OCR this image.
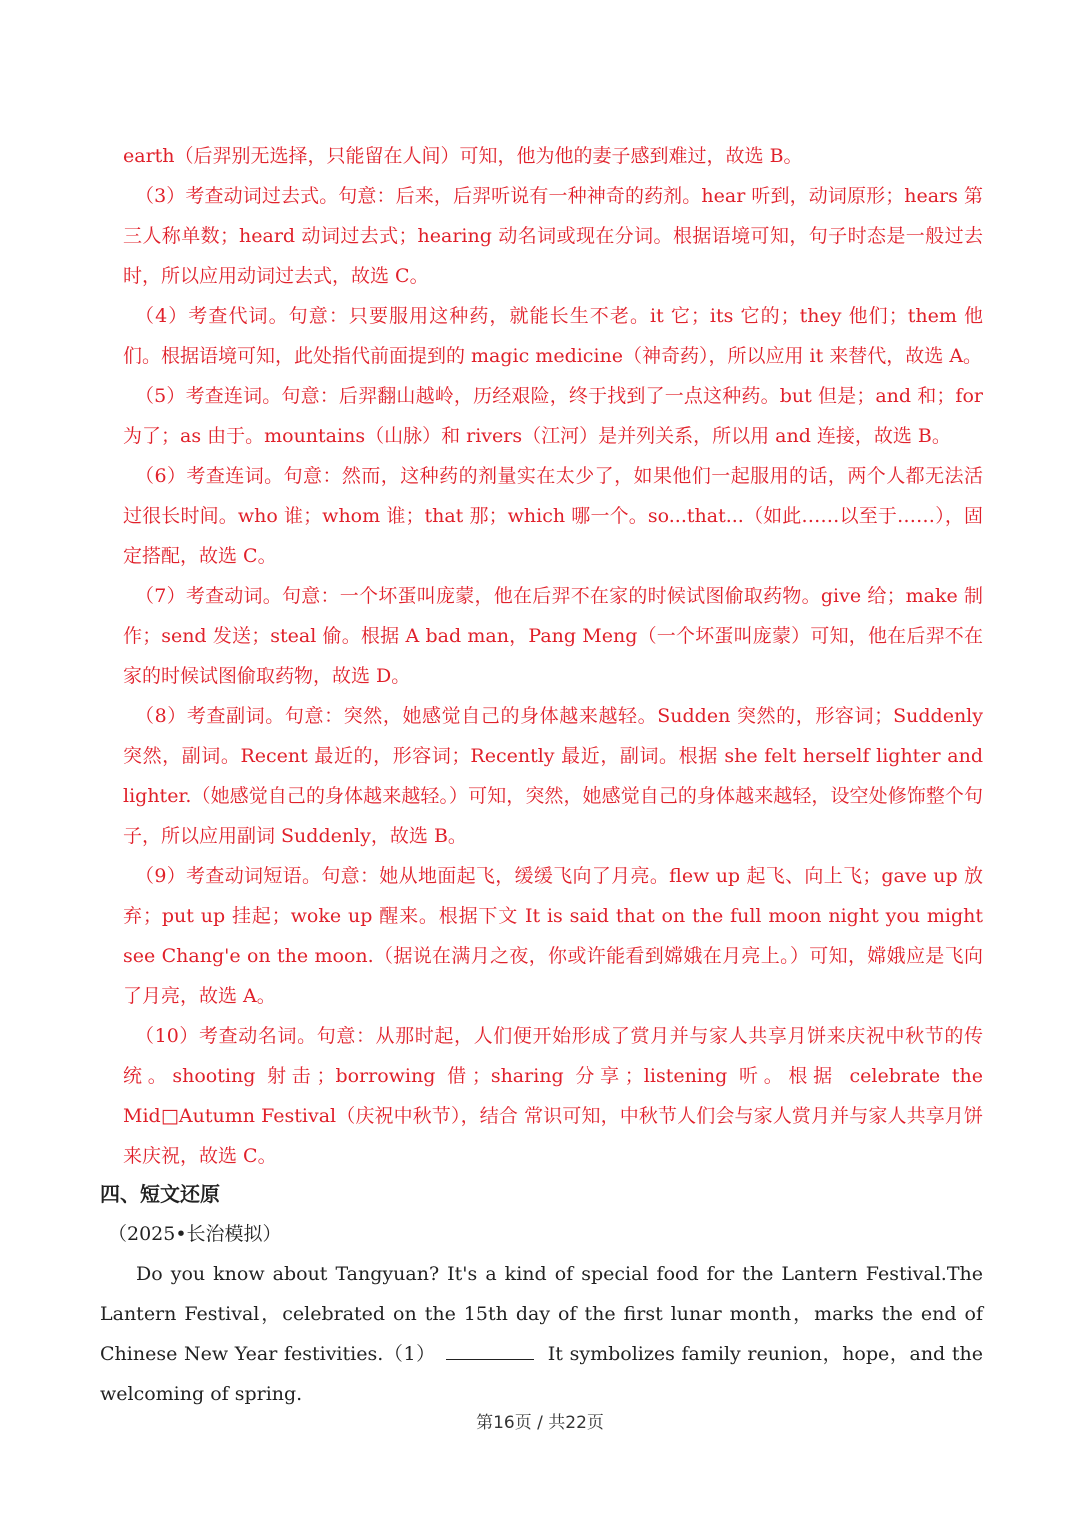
earth（后羿别无选择，只能留在人间）可知，他为他的妻子感到难过，故选 B。

（3）考查动词过去式。句意：后来，后羿听说有一种神奇的药剂。hear 听到，动词原形；hears 第三人称单数；heard 动词过去式；hearing 动名词或现在分词。根据语境可知，句子时态是一般过去时，所以应用动词过去式，故选 C。

（4）考查代词。句意：只要服用这种药，就能长生不老。it 它；its 它的；they 他们；them 他们。根据语境可知，此处指代前面提到的 magic medicine（神奇药），所以应用 it 来替代，故选 A。

（5）考查连词。句意：后羿翻山越岭，历经艰险，终于找到了一点这种药。but 但是；and 和；for 为了；as 由于。mountains（山脉）和 rivers（江河）是并列关系，所以用 and 连接，故选 B。

（6）考查连词。句意：然而，这种药的剂量实在太少了，如果他们一起服用的话，两个人都无法活过很长时间。who 谁；whom 谁；that 那；which 哪一个。so...that...（如此……以至于……），固定搭配，故选 C。

（7）考查动词。句意：一个坏蛋叫庞蒙，他在后羿不在家的时候试图偷取药物。give 给；make 制作；send 发送；steal 偷。根据 A bad man，Pang Meng（一个坏蛋叫庞蒙）可知，他在后羿不在家的时候试图偷取药物，故选 D。

（8）考查副词。句意：突然，她感觉自己的身体越来越轻。Sudden 突然的，形容词；Suddenly 突然，副词。Recent 最近的，形容词；Recently 最近，副词。根据 she felt herself lighter and lighter.（她感觉自己的身体越来越轻。）可知，突然，她感觉自己的身体越来越轻，设空处修饰整个句子，所以应用副词 Suddenly，故选 B。

（9）考查动词短语。句意：她从地面起飞，缓缓飞向了月亮。flew up 起飞、向上飞；gave up 放弃；put up 挂起；woke up 醒来。根据下文 It is said that on the full moon night you might see Chang'e on the moon.（据说在满月之夜，你或许能看到嫦娥在月亮上。）可知，嫦娥应是飞向了月亮，故选 A。

（10）考查动名词。句意：从那时起，人们便开始形成了赏月并与家人共享月饼来庆祝中秋节的传统。shooting 射击；borrowing 借；sharing 分享；listening 听。根据 celebrate the Mid□Autumn Festival（庆祝中秋节），结合 常识可知，中秋节人们会与家人赏月并与家人共享月饼来庆祝，故选 C。

四、短文还原
（2025•长治模拟）

Do you know about Tangyuan? It's a kind of special food for the Lantern Festival.The Lantern Festival，celebrated on the 15th day of the first lunar month，marks the end of Chinese New Year festivities.（1）	It symbolizes family reunion，hope，and the welcoming of spring.

第16页 / 共22页
